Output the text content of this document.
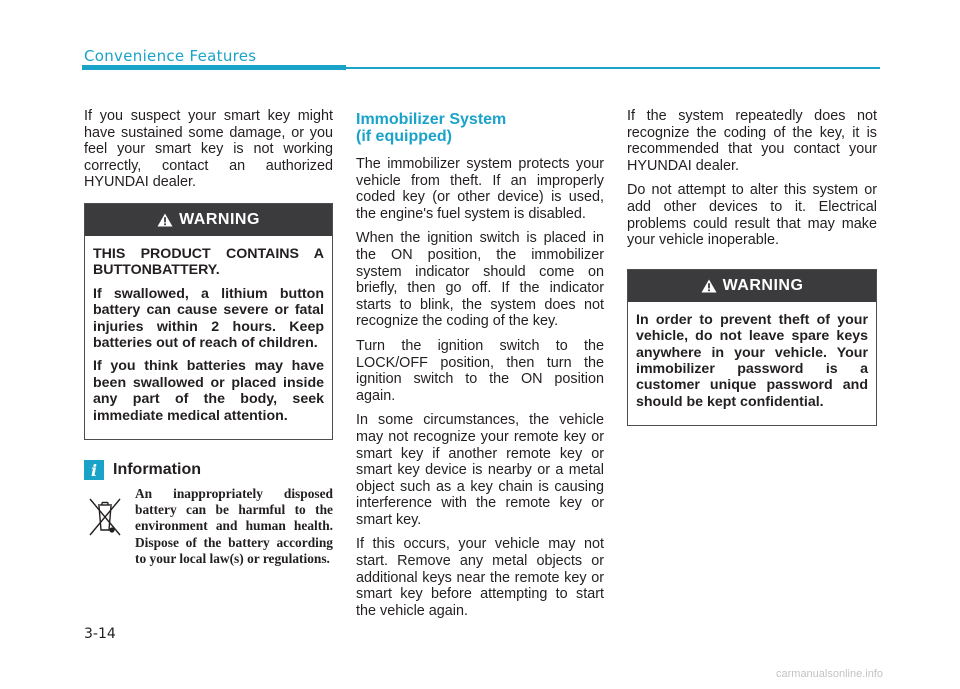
Convenience Features

If you suspect your smart key might have sustained some damage, or you feel your smart key is not working correctly, contact an authorized HYUNDAI dealer.

WARNING

THIS PRODUCT CONTAINS A BUTTONBATTERY.

If swallowed, a lithium button battery can cause severe or fatal injuries within 2 hours. Keep batteries out of reach of children.

If you think batteries may have been swallowed or placed inside any part of the body, seek immediate medical attention.

i Information
An inappropriately disposed battery can be harmful to the environment and human health. Dispose of the battery according to your local law(s) or regulations.
Immobilizer System
(if equipped)

The immobilizer system protects your vehicle from theft. If an improperly coded key (or other device) is used, the engine's fuel system is disabled.

When the ignition switch is placed in the ON position, the immobilizer system indicator should come on briefly, then go off. If the indicator starts to blink, the system does not recognize the coding of the key.

Turn the ignition switch to the LOCK/OFF position, then turn the ignition switch to the ON position again.

In some circumstances, the vehicle may not recognize your remote key or smart key if another remote key or smart key device is nearby or a metal object such as a key chain is causing interference with the remote key or smart key.

If this occurs, your vehicle may not start. Remove any metal objects or additional keys near the remote key or smart key before attempting to start the vehicle again.

If the system repeatedly does not recognize the coding of the key, it is recommended that you contact your HYUNDAI dealer.

Do not attempt to alter this system or add other devices to it. Electrical problems could result that may make your vehicle inoperable.

WARNING

In order to prevent theft of your vehicle, do not leave spare keys anywhere in your vehicle. Your immobilizer password is a customer unique password and should be kept confidential.

3-14
carmanualsonline.info
